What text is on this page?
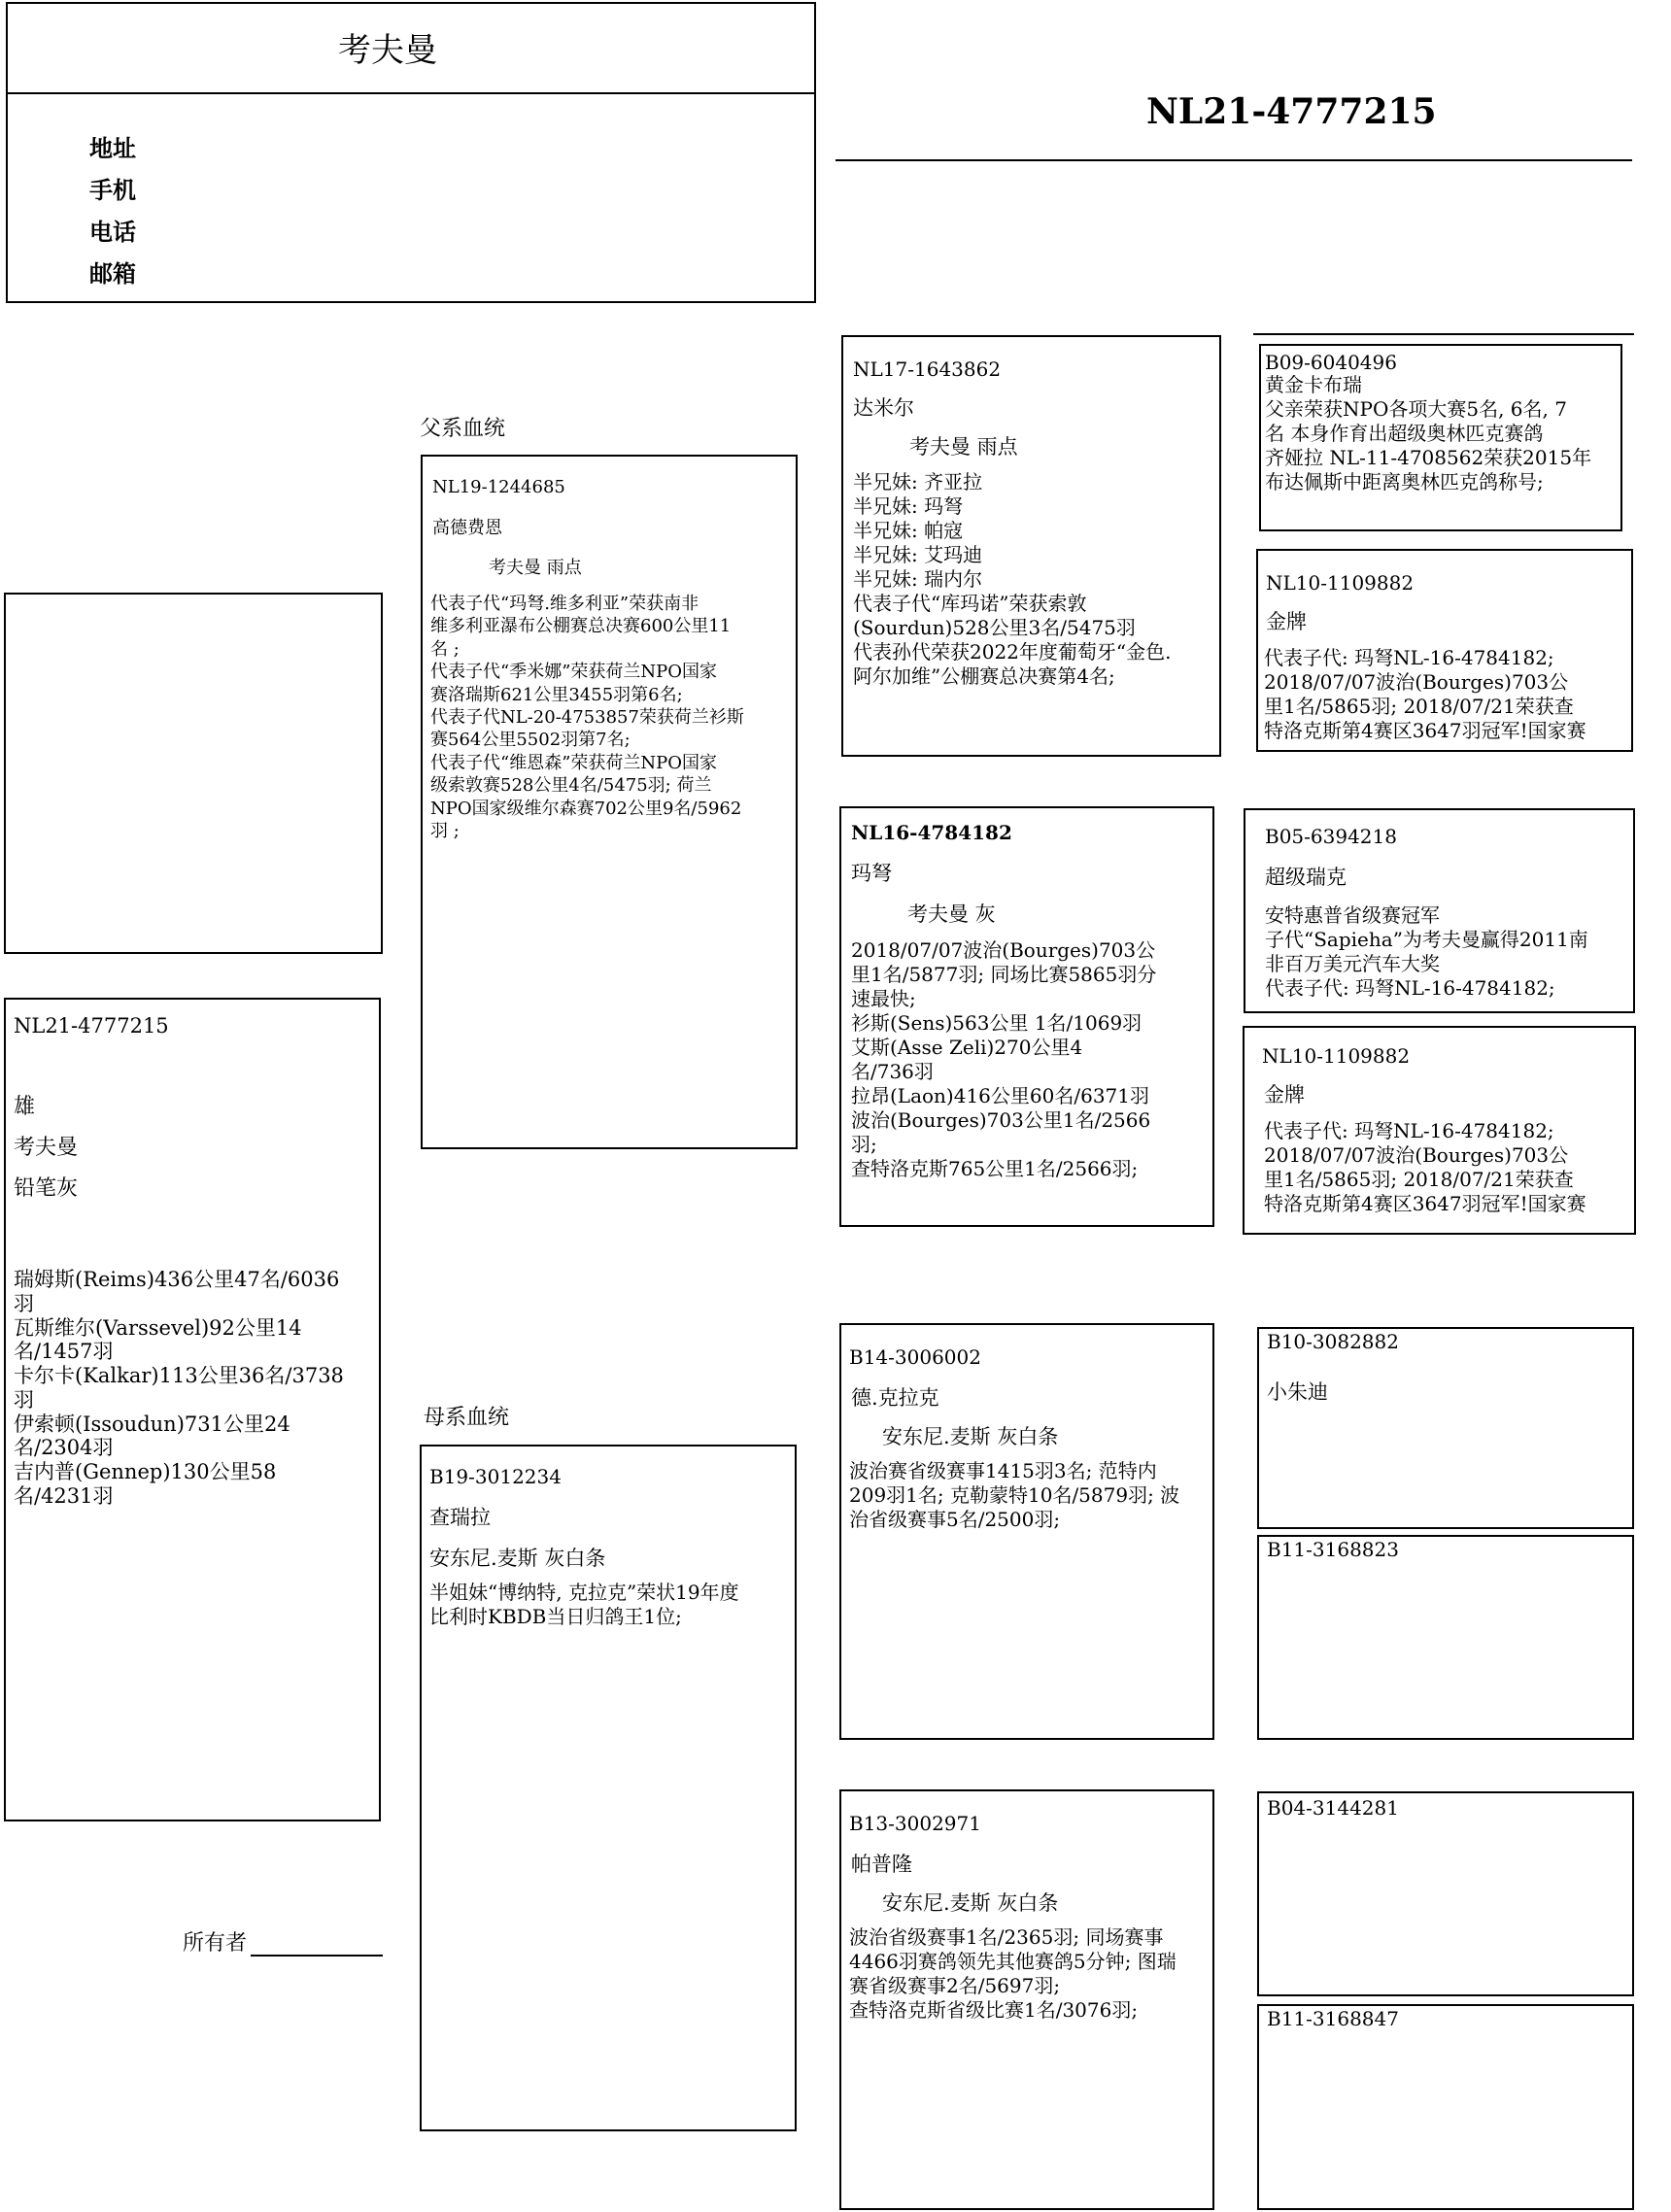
考夫曼
地址
手机
电话
邮箱
NL21-4777215
NL21-4777215
雄
考夫曼
铅笔灰
瑞姆斯(Reims)436公里47名/6036
羽
瓦斯维尔(Varssevel)92公里14
名/1457羽
卡尔卡(Kalkar)113公里36名/3738
羽
伊索顿(Issoudun)731公里24
名/2304羽
吉内普(Gennep)130公里58
名/4231羽
所有者
父系血统
母系血统
NL19-1244685
高德费恩
考夫曼 雨点
代表子代“玛弩.维多利亚”荣获南非
维多利亚瀑布公棚赛总决赛600公里11
名 ;
代表子代“季米娜”荣获荷兰NPO国家
赛洛瑞斯621公里3455羽第6名;
代表子代NL-20-4753857荣获荷兰衫斯
赛564公里5502羽第7名;
代表子代“维恩森”荣获荷兰NPO国家
级索敦赛528公里4名/5475羽; 荷兰
NPO国家级维尔森赛702公里9名/5962
羽 ;
B19-3012234
查瑞拉
安东尼.麦斯 灰白条
半姐妹“博纳特, 克拉克”荣状19年度
比利时KBDB当日归鸽王1位;
NL17-1643862
达米尔
考夫曼 雨点
半兄妹: 齐亚拉
半兄妹: 玛弩
半兄妹: 帕寇
半兄妹: 艾玛迪
半兄妹: 瑞内尔
代表子代“库玛诺”荣获索敦
(Sourdun)528公里3名/5475羽
代表孙代荣获2022年度葡萄牙“金色.
阿尔加维”公棚赛总决赛第4名;
NL16-4784182
玛弩
考夫曼 灰
2018/07/07波治(Bourges)703公
里1名/5877羽; 同场比赛5865羽分
速最快;
衫斯(Sens)563公里 1名/1069羽
艾斯(Asse Zeli)270公里4
名/736羽
拉昂(Laon)416公里60名/6371羽
波治(Bourges)703公里1名/2566
羽;
查特洛克斯765公里1名/2566羽;
B14-3006002
德.克拉克
安东尼.麦斯 灰白条
波治赛省级赛事1415羽3名; 范特内
209羽1名; 克勒蒙特10名/5879羽; 波
治省级赛事5名/2500羽;
B13-3002971
帕普隆
安东尼.麦斯 灰白条
波治省级赛事1名/2365羽; 同场赛事
4466羽赛鸽领先其他赛鸽5分钟; 图瑞
赛省级赛事2名/5697羽;
查特洛克斯省级比赛1名/3076羽;
B09-6040496
黄金卡布瑞
父亲荣获NPO各项大赛5名, 6名, 7
名 本身作育出超级奥林匹克赛鸽
齐娅拉 NL-11-4708562荣获2015年
布达佩斯中距离奥林匹克鸽称号;
NL10-1109882
金牌
代表子代: 玛弩NL-16-4784182;
2018/07/07波治(Bourges)703公
里1名/5865羽; 2018/07/21荣获查
特洛克斯第4赛区3647羽冠军!国家赛
B05-6394218
超级瑞克
安特惠普省级赛冠军
子代“Sapieha”为考夫曼赢得2011南
非百万美元汽车大奖
代表子代: 玛弩NL-16-4784182;
NL10-1109882
金牌
代表子代: 玛弩NL-16-4784182;
2018/07/07波治(Bourges)703公
里1名/5865羽; 2018/07/21荣获查
特洛克斯第4赛区3647羽冠军!国家赛
B10-3082882
小朱迪
B11-3168823
B04-3144281
B11-3168847
